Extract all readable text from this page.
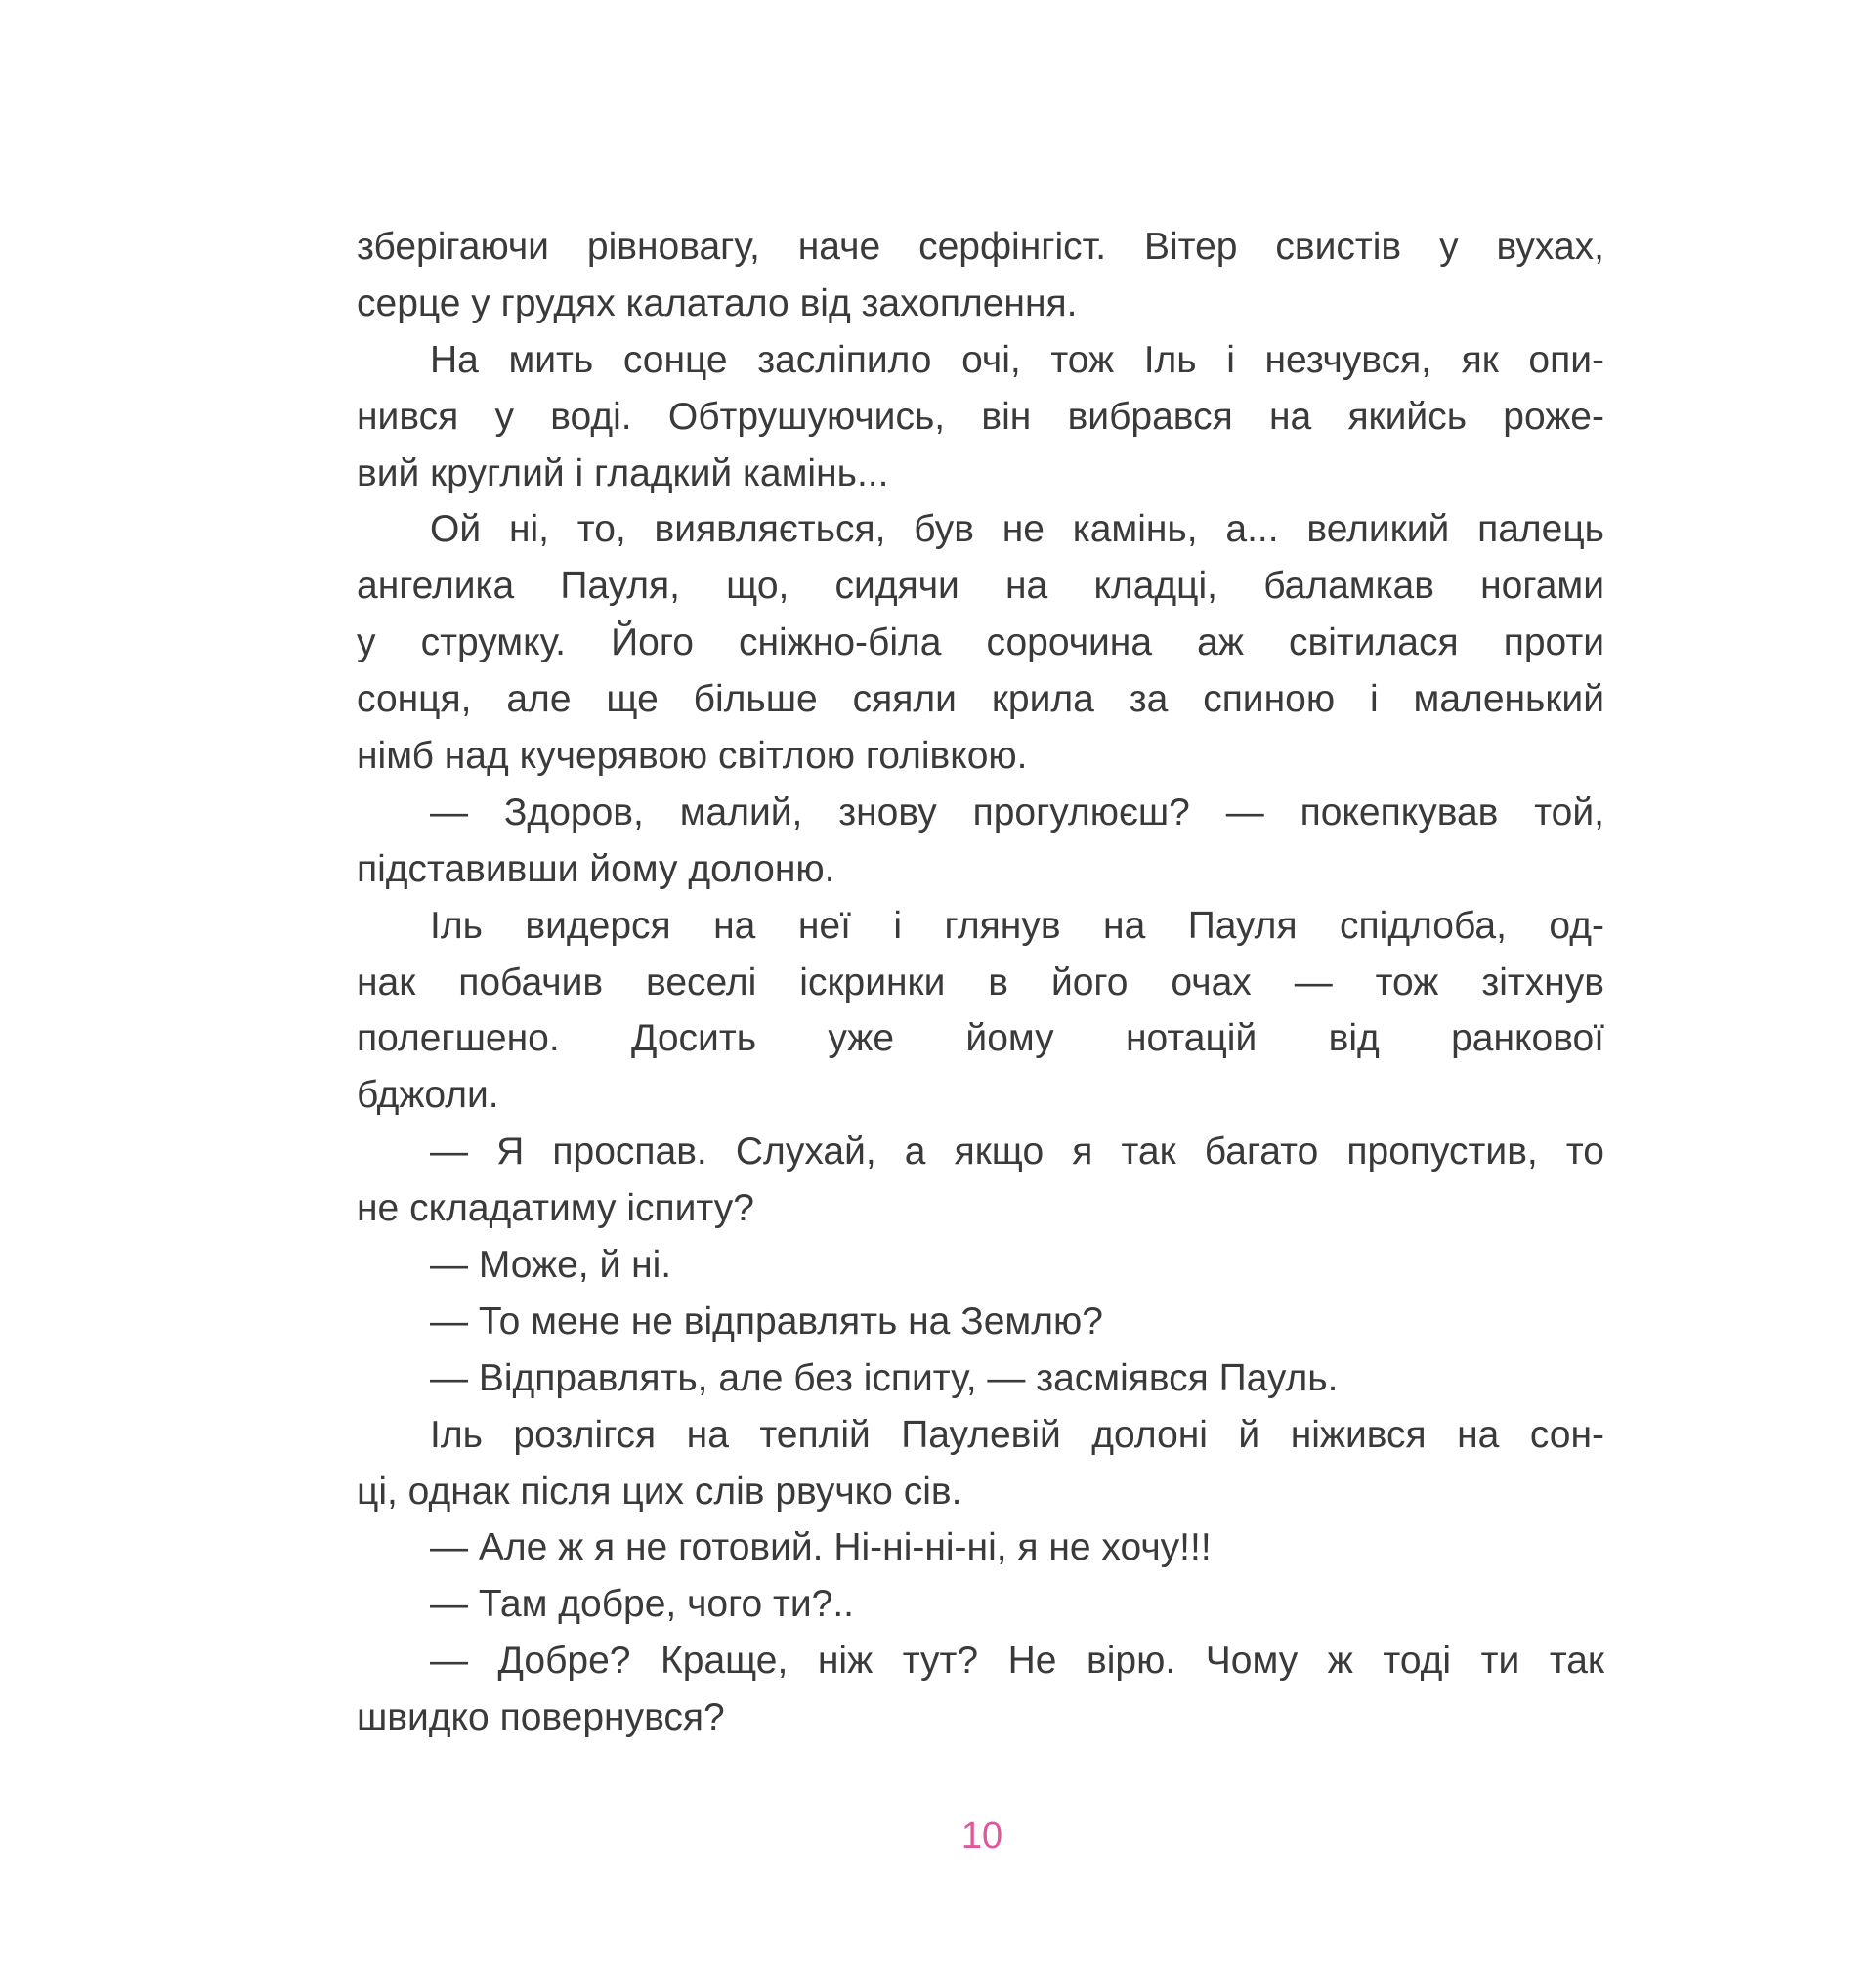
зберігаючи рівновагу, наче серфінгіст. Вітер свистів у вухах,
серце у грудях калатало від захоплення.
На мить сонце засліпило очі, тож Іль і незчувся, як опи-
нився у воді. Обтрушуючись, він вибрався на якийсь роже-
вий круглий і гладкий камінь...
Ой ні, то, виявляється, був не камінь, а... великий палець
ангелика Пауля, що, сидячи на кладці, баламкав ногами
у струмку. Його сніжно-біла сорочина аж світилася проти
сонця, але ще більше сяяли крила за спиною і маленький
німб над кучерявою світлою голівкою.
— Здоров, малий, знову прогулюєш? — покепкував той,
підставивши йому долоню.
Іль видерся на неї і глянув на Пауля спідлоба, од-
нак побачив веселі іскринки в його очах — тож зітхнув
полегшено. Досить уже йому нотацій від ранкової
бджоли.
— Я проспав. Слухай, а якщо я так багато пропустив, то
не складатиму іспиту?
— Може, й ні.
— То мене не відправлять на Землю?
— Відправлять, але без іспиту, — засміявся Пауль.
Іль розлігся на теплій Паулевій долоні й ніжився на сон-
ці, однак після цих слів рвучко сів.
— Але ж я не готовий. Ні-ні-ні-ні, я не хочу!!!
— Там добре, чого ти?..
— Добре? Краще, ніж тут? Не вірю. Чому ж тоді ти так
швидко повернувся?
10
